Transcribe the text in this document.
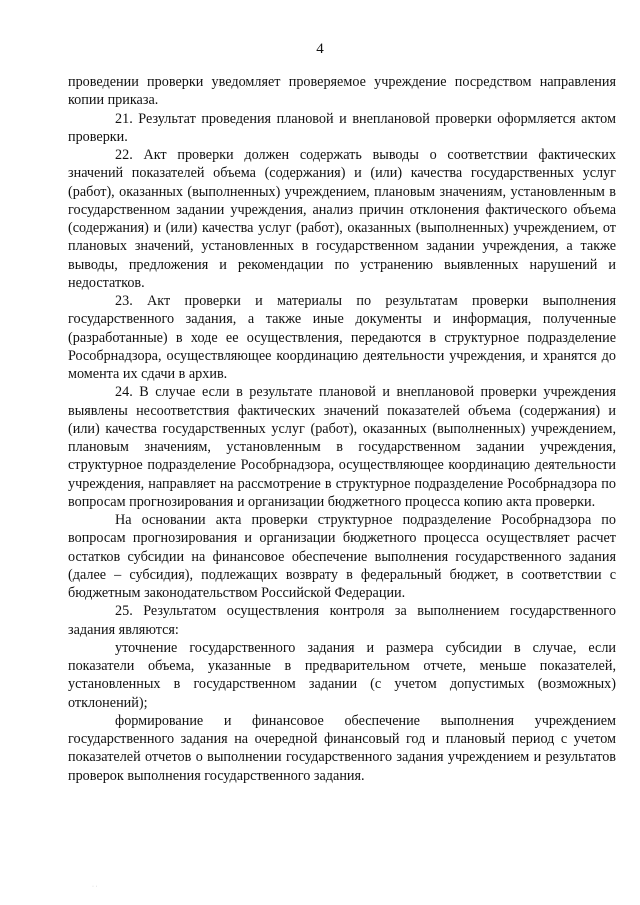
4

проведении проверки уведомляет проверяемое учреждение посредством направления копии приказа.

21. Результат проведения плановой и внеплановой проверки оформляется актом проверки.

22. Акт проверки должен содержать выводы о соответствии фактических значений показателей объема (содержания) и (или) качества государственных услуг (работ), оказанных (выполненных) учреждением, плановым значениям, установленным в государственном задании учреждения, анализ причин отклонения фактического объема (содержания) и (или) качества услуг (работ), оказанных (выполненных) учреждением, от плановых значений, установленных в государственном задании учреждения, а также выводы, предложения и рекомендации по устранению выявленных нарушений и недостатков.

23. Акт проверки и материалы по результатам проверки выполнения государственного задания, а также иные документы и информация, полученные (разработанные) в ходе ее осуществления, передаются в структурное подразделение Рособрнадзора, осуществляющее координацию деятельности учреждения, и хранятся до момента их сдачи в архив.

24. В случае если в результате плановой и внеплановой проверки учреждения выявлены несоответствия фактических значений показателей объема (содержания) и (или) качества государственных услуг (работ), оказанных (выполненных) учреждением, плановым значениям, установленным в государственном задании учреждения, структурное подразделение Рособрнадзора, осуществляющее координацию деятельности учреждения, направляет на рассмотрение в структурное подразделение Рособрнадзора по вопросам прогнозирования и организации бюджетного процесса копию акта проверки.

На основании акта проверки структурное подразделение Рособрнадзора по вопросам прогнозирования и организации бюджетного процесса осуществляет расчет остатков субсидии на финансовое обеспечение выполнения государственного задания (далее – субсидия), подлежащих возврату в федеральный бюджет, в соответствии с бюджетным законодательством Российской Федерации.

25. Результатом осуществления контроля за выполнением государственного задания являются:

уточнение государственного задания и размера субсидии в случае, если показатели объема, указанные в предварительном отчете, меньше показателей, установленных в государственном задании (с учетом допустимых (возможных) отклонений);

формирование и финансовое обеспечение выполнения учреждением государственного задания на очередной финансовый год и плановый период с учетом показателей отчетов о выполнении государственного задания учреждением и результатов проверок выполнения государственного задания.

· ·
